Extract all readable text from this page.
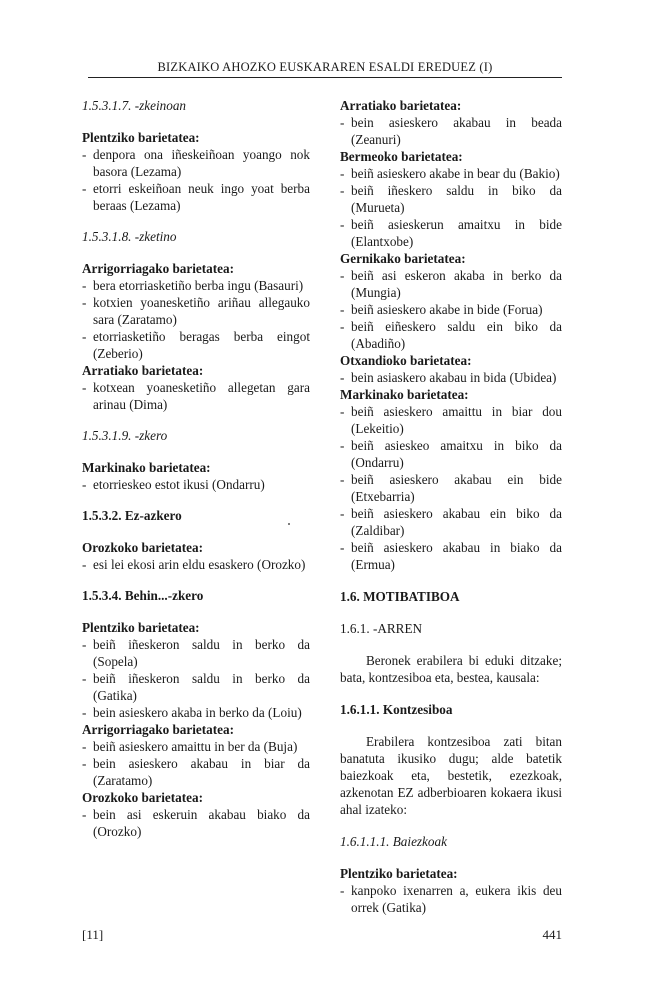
BIZKAIKO AHOZKO EUSKARAREN ESALDI EREDUEZ (I)
1.5.3.1.7. -zkeinoan
Plentziko barietatea:
- denpora ona iñeskeiñoan yoango nok basora (Lezama)
- etorri eskeiñoan neuk ingo yoat berba beraas (Lezama)
1.5.3.1.8. -zketino
Arrigorriagako barietatea:
- bera etorriasketiño berba ingu (Basauri)
- kotxien yoanesketiño ariñau allegauko sara (Zaratamo)
- etorriasketiño beragas berba eingot (Zeberio)
Arratiako barietatea:
- kotxean yoanesketiño allegetan gara arinau (Dima)
1.5.3.1.9. -zkero
Markinako barietatea:
- etorrieskeo estot ikusi (Ondarru)
1.5.3.2. Ez-azkero
Orozkoko barietatea:
- esi lei ekosi arin eldu esaskero (Orozko)
1.5.3.4. Behin...-zkero
Plentziko barietatea:
- beiñ iñeskeron saldu in berko da (Sopela)
- beiñ iñeskeron saldu in berko da (Gatika)
- bein asieskero akaba in berko da (Loiu)
Arrigorriagako barietatea:
- beiñ asieskero amaittu in ber da (Buja)
- bein asieskero akabau in biar da (Zaratamo)
Orozkoko barietatea:
- bein asi eskeruin akabau biako da (Orozko)
Arratiako barietatea:
- bein asieskero akabau in beada (Zeanuri)
Bermeoko barietatea:
- beiñ asieskero akabe in bear du (Bakio)
- beiñ iñeskero saldu in biko da (Murueta)
- beiñ asieskerun amaitxu in bide (Elantxobe)
Gernikako barietatea:
- beiñ asi eskeron akaba in berko da (Mungia)
- beiñ asieskero akabe in bide (Forua)
- beiñ eiñeskero saldu ein biko da (Abadiño)
Otxandioko barietatea:
- bein asiaskero akabau in bida (Ubidea)
Markinako barietatea:
- beiñ asieskero amaittu in biar dou (Lekeitio)
- beiñ asieskeo amaitxu in biko da (Ondarru)
- beiñ asieskero akabau ein bide (Etxebarria)
- beiñ asieskero akabau ein biko da (Zaldibar)
- beiñ asieskero akabau in biako da (Ermua)
1.6. MOTIBATIBOA
1.6.1. -ARREN

Beronek erabilera bi eduki ditzake; bata, kontzesiboa eta, bestea, kausala:

1.6.1.1. Kontzesiboa

Erabilera kontzesiboa zati bitan banatuta ikusiko dugu; alde batetik baiezkoak eta, bestetik, ezezkoak, azkenotan EZ adberbioaren kokaera ikusi ahal izateko:

1.6.1.1.1. Baiezkoak
Plentziko barietatea:
- kanpoko ixenarren a, eukera ikis deu orrek (Gatika)
[11]	441
